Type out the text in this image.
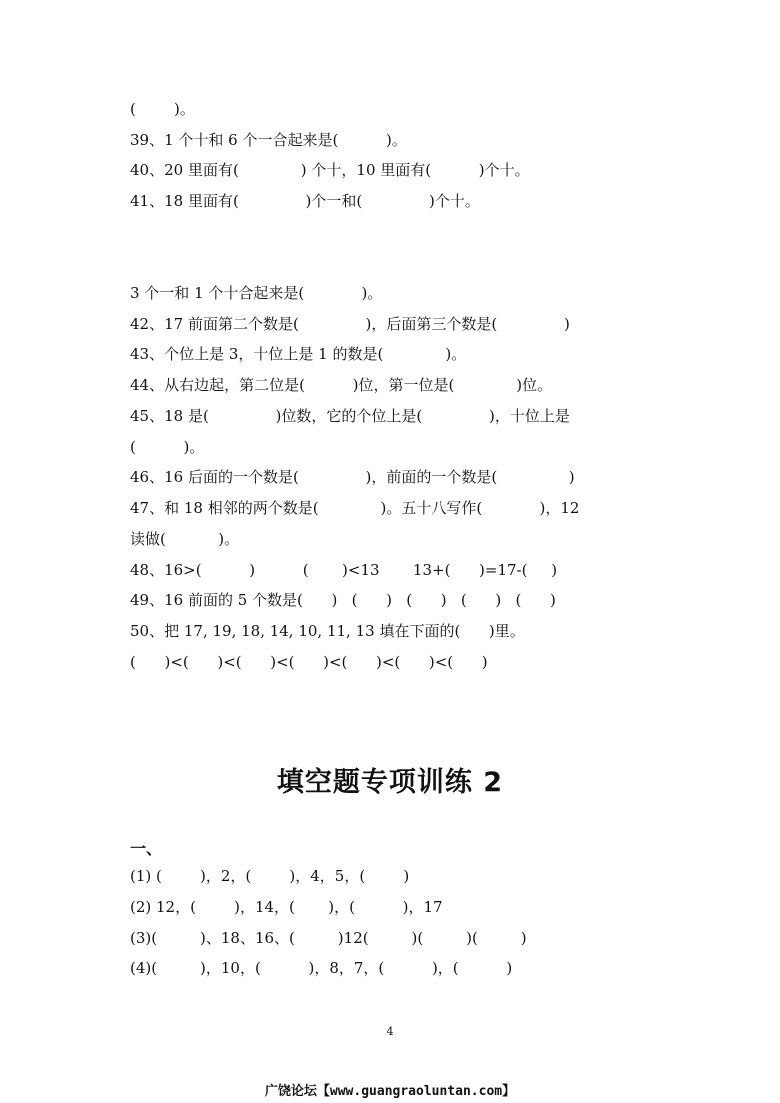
(        )。
39、1 个十和 6 个一合起来是(          )。
40、20 里面有(             ) 个十，10 里面有(          )个十。
41、18 里面有(              )个一和(              )个十。
3 个一和 1 个十合起来是(            )。
42、17 前面第二个数是(              )，后面第三个数是(              )
43、个位上是 3，十位上是 1 的数是(             )。
44、从右边起，第二位是(          )位，第一位是(             )位。
45、18 是(              )位数，它的个位上是(              )，十位上是
(          )。
46、16 后面的一个数是(              )，前面的一个数是(               )
47、和 18 相邻的两个数是(             )。五十八写作(            )，12
读做(           )。
48、16>(          )          (       )<13       13+(      )=17-(     )
49、16 前面的 5 个数是(      )   (      )   (      )   (      )   (      )
50、把 17, 19, 18, 14, 10, 11, 13 填在下面的(      )里。
(      )<(      )<(      )<(      )<(      )<(      )<(      )
填空题专项训练 2
一、
(1) (        )，2，(        )，4，5，(        )
(2) 12，(        )，14，(       )，(          )，17
(3)(         )、18、16、(         )12(         )(         )(         )
(4)(         )，10，(          )，8，7，(          )，(          )
4
广饶论坛【www.guangraoluntan.com】
